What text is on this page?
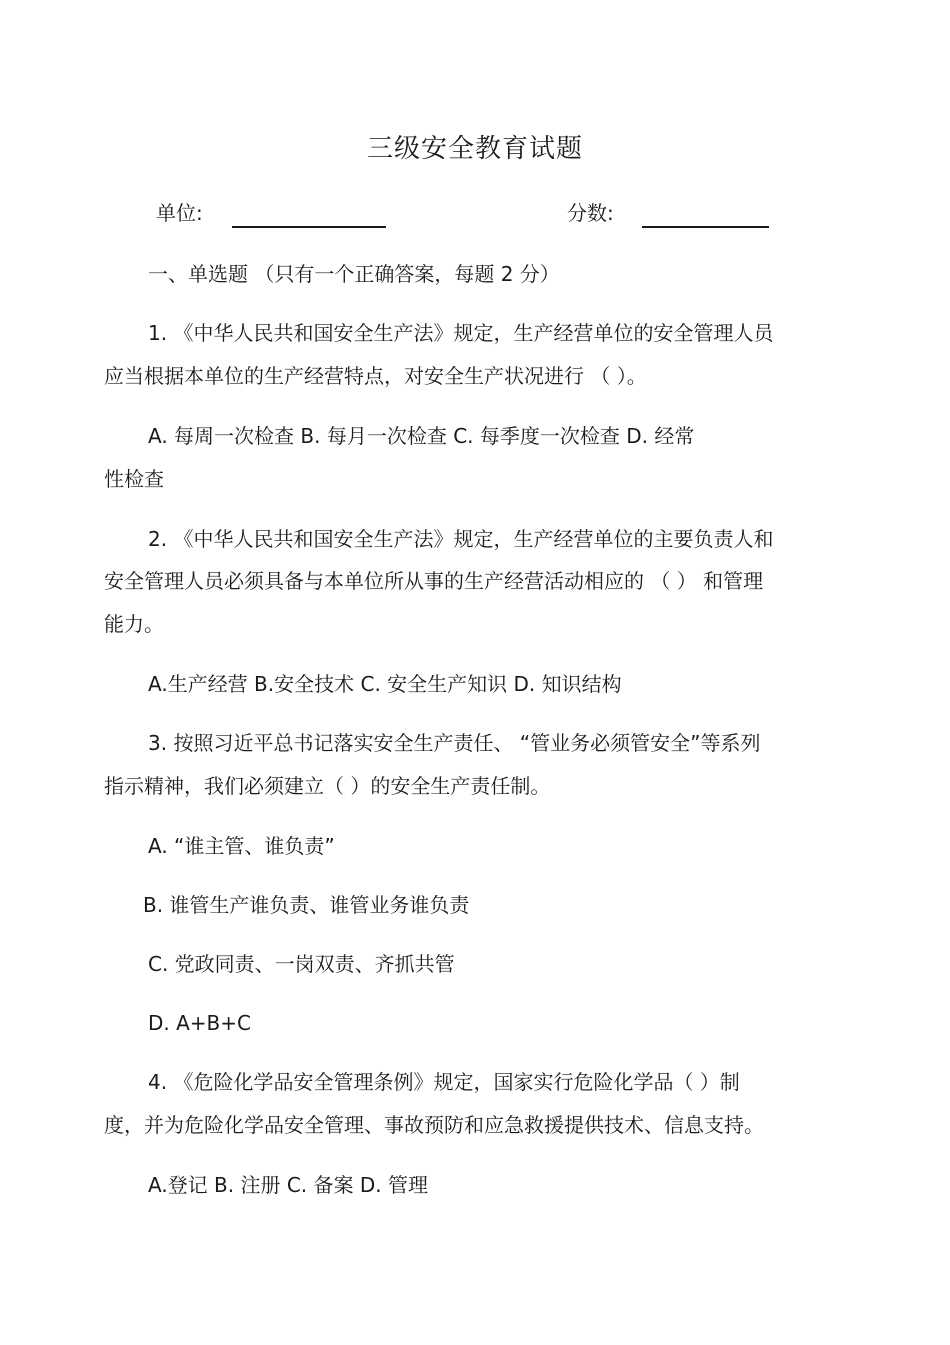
三级安全教育试题
单位:	分数:
一、单选题 （只有一个正确答案，每题 2 分）
1. 《中华人民共和国安全生产法》规定，生产经营单位的安全管理人员
应当根据本单位的生产经营特点，对安全生产状况进行 （ ）。
A. 每周一次检查 B. 每月一次检查 C. 每季度一次检查 D. 经常
性检查
2. 《中华人民共和国安全生产法》规定，生产经营单位的主要负责人和
安全管理人员必须具备与本单位所从事的生产经营活动相应的 （ ） 和管理
能力。
A.生产经营 B.安全技术 C. 安全生产知识 D. 知识结构
3. 按照习近平总书记落实安全生产责任、 “管业务必须管安全”等系列
指示精神，我们必须建立（ ）的安全生产责任制。
A. “谁主管、谁负责”
B. 谁管生产谁负责、谁管业务谁负责
C. 党政同责、一岗双责、齐抓共管
D. A+B+C
4. 《危险化学品安全管理条例》规定，国家实行危险化学品（ ）制
度，并为危险化学品安全管理、事故预防和应急救援提供技术、信息支持。
A.登记 B. 注册 C. 备案 D. 管理
